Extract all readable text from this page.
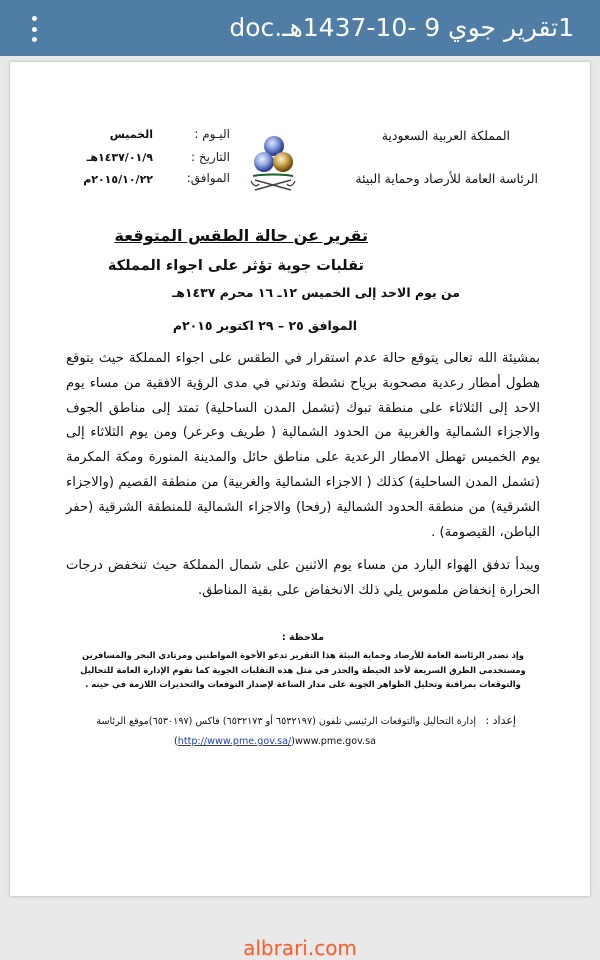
1تقرير جوي 9 -10-1437هـ.doc
المملكة العربية السعودية
الرئاسة العامة للأرصاد وحماية البيئة
اليـوم :
الخميس
التاريخ :
١٤٣٧/٠١/٩هـ
الموافق:
٢٠١٥/١٠/٢٢م
تقرير عن حالة الطقس المتوقعة
تقلبات جوية تؤثر على اجواء المملكة
من يوم الاحد إلى الخميس ١٢ـ ١٦ محرم ١٤٣٧هـ
الموافق ٢٥ – ٢٩ اكتوبر ٢٠١٥م
بمشيئة الله تعالى يتوقع حالة عدم استقرار في الطقس على اجواء المملكة حيث يتوقع هطول أمطار رعدية مصحوبة برياح نشطة وتدني في مدى الرؤية الافقية من مساء يوم الاحد إلى الثلاثاء على منطقة تبوك (تشمل المدن الساحلية) تمتد إلى مناطق الجوف والاجزاء الشمالية والغربية من الحدود الشمالية ( طريف وعرعر) ومن يوم الثلاثاء إلى يوم الخميس تهطل الامطار الرعدية على مناطق حائل والمدينة المنورة ومكة المكرمة (تشمل المدن الساحلية) كذلك ( الاجزاء الشمالية والغربية) من منطقة القصيم (والاجزاء الشرقية) من منطقة الحدود الشمالية (رفحا) والاجزاء الشمالية للمنطقة الشرقية (حفر الباطن، القيصومة) .
ويبدأ تدفق الهواء البارد من مساء يوم الاثنين على شمال المملكة حيث تنخفض درجات الحرارة إنخفاض ملموس يلي ذلك الانخفاض على بقية المناطق.
ملاحظة :
وإذ تصدر الرئاسة العامة للأرصاد وحماية البيئة هذا التقرير تدعو الأخوة المواطنين ومرتادي البحر والمسافرين ومستخدمي الطرق السريعة لأخذ الحيطة والحذر في مثل هذه التقلبات الجوية كما تقوم الإدارة العامة للتحاليل والتوقعات بمراقبة وتحليل الظواهر الجوية على مدار الساعة لإصدار التوقعات والتحذيرات اللازمة في حينه .
إعداد :
إدارة التحاليل والتوقعات الرئيسي تلفون (٦٥٣٢١٩٧ أو ٦٥٣٢١٧٣) فاكس (٦٥٣٠١٩٧)موقع الرئاسة
(http://www.pme.gov.sa/)www.pme.gov.sa
albrari.com
